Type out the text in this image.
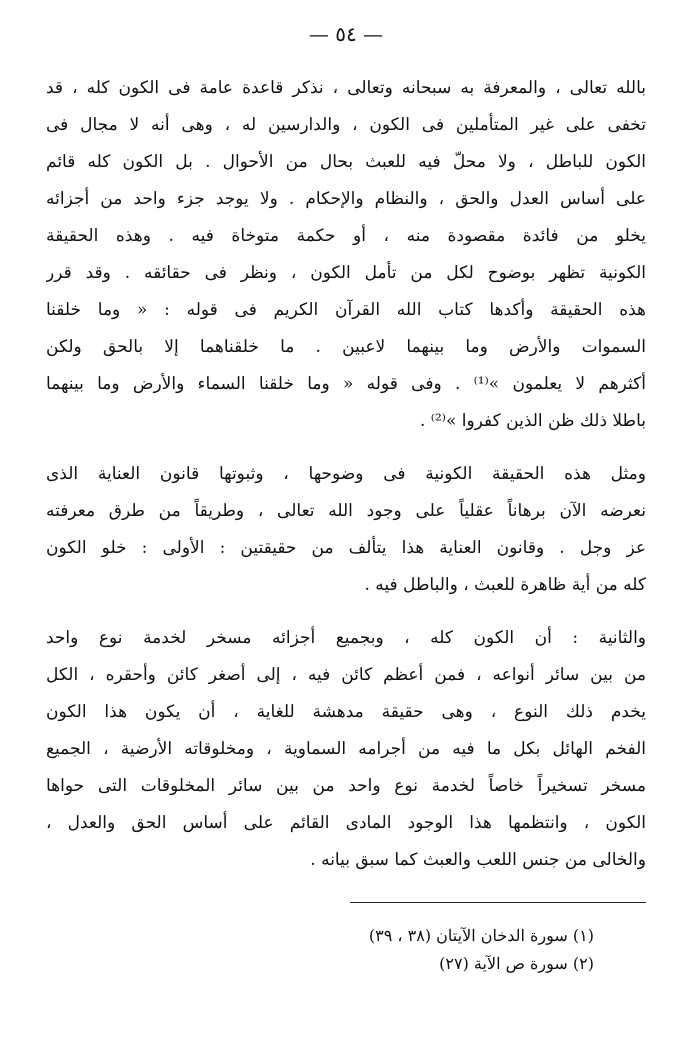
— ٥٤ —
بالله تعالى ، والمعرفة به سبحانه وتعالى ، نذكر قاعدة عامة فى الكون كله ، قد
تخفى على غير المتأملين فى الكون ، والدارسين له ، وهى أنه لا مجال فى
الكون للباطل ، ولا محلّ فيه للعبث بحال من الأحوال . بل الكون كله قائم
على أساس العدل والحق ، والنظام والإحكام . ولا يوجد جزء واحد من أجزائه
يخلو من فائدة مقصودة منه ، أو حكمة متوخاة فيه . وهذه الحقيقة
الكونية تظهر بوضوح لكل من تأمل الكون ، ونظر فى حقائقه . وقد قرر
هذه الحقيقة وأكدها كتاب الله القرآن الكريم فى قوله : « وما خلقنا
السموات والأرض وما بينهما لاعبين . ما خلقناهما إلا بالحق ولكن
أكثرهم لا يعلمون »⁽¹⁾ . وفى قوله « وما خلقنا السماء والأرض وما بينهما
باطلا ذلك ظن الذين كفروا »⁽²⁾ .
ومثل هذه الحقيقة الكونية فى وضوحها ، وثبوتها قانون العناية الذى
نعرضه الآن برهاناً عقلياً على وجود الله تعالى ، وطريقاً من طرق معرفته
عز وجل . وقانون العناية هذا يتألف من حقيقتين : الأولى : خلو الكون
كله من أية ظاهرة للعبث ، والباطل فيه .
والثانية : أن الكون كله ، وبجميع أجزائه مسخر لخدمة نوع واحد
من بين سائر أنواعه ، فمن أعظم كائن فيه ، إلى أصغر كائن وأحقره ، الكل
يخدم ذلك النوع ، وهى حقيقة مدهشة للغاية ، أن يكون هذا الكون
الفخم الهائل بكل ما فيه من أجرامه السماوية ، ومخلوقاته الأرضية ، الجميع
مسخر تسخيراً خاصاً لخدمة نوع واحد من بين سائر المخلوقات التى حواها
الكون ، وانتظمها هذا الوجود المادى القائم على أساس الحق والعدل ،
والخالى من جنس اللعب والعبث كما سبق بيانه .
(١) سورة الدخان الآيتان (٣٨ ، ٣٩)
(٢) سورة ص الآية (٢٧)
